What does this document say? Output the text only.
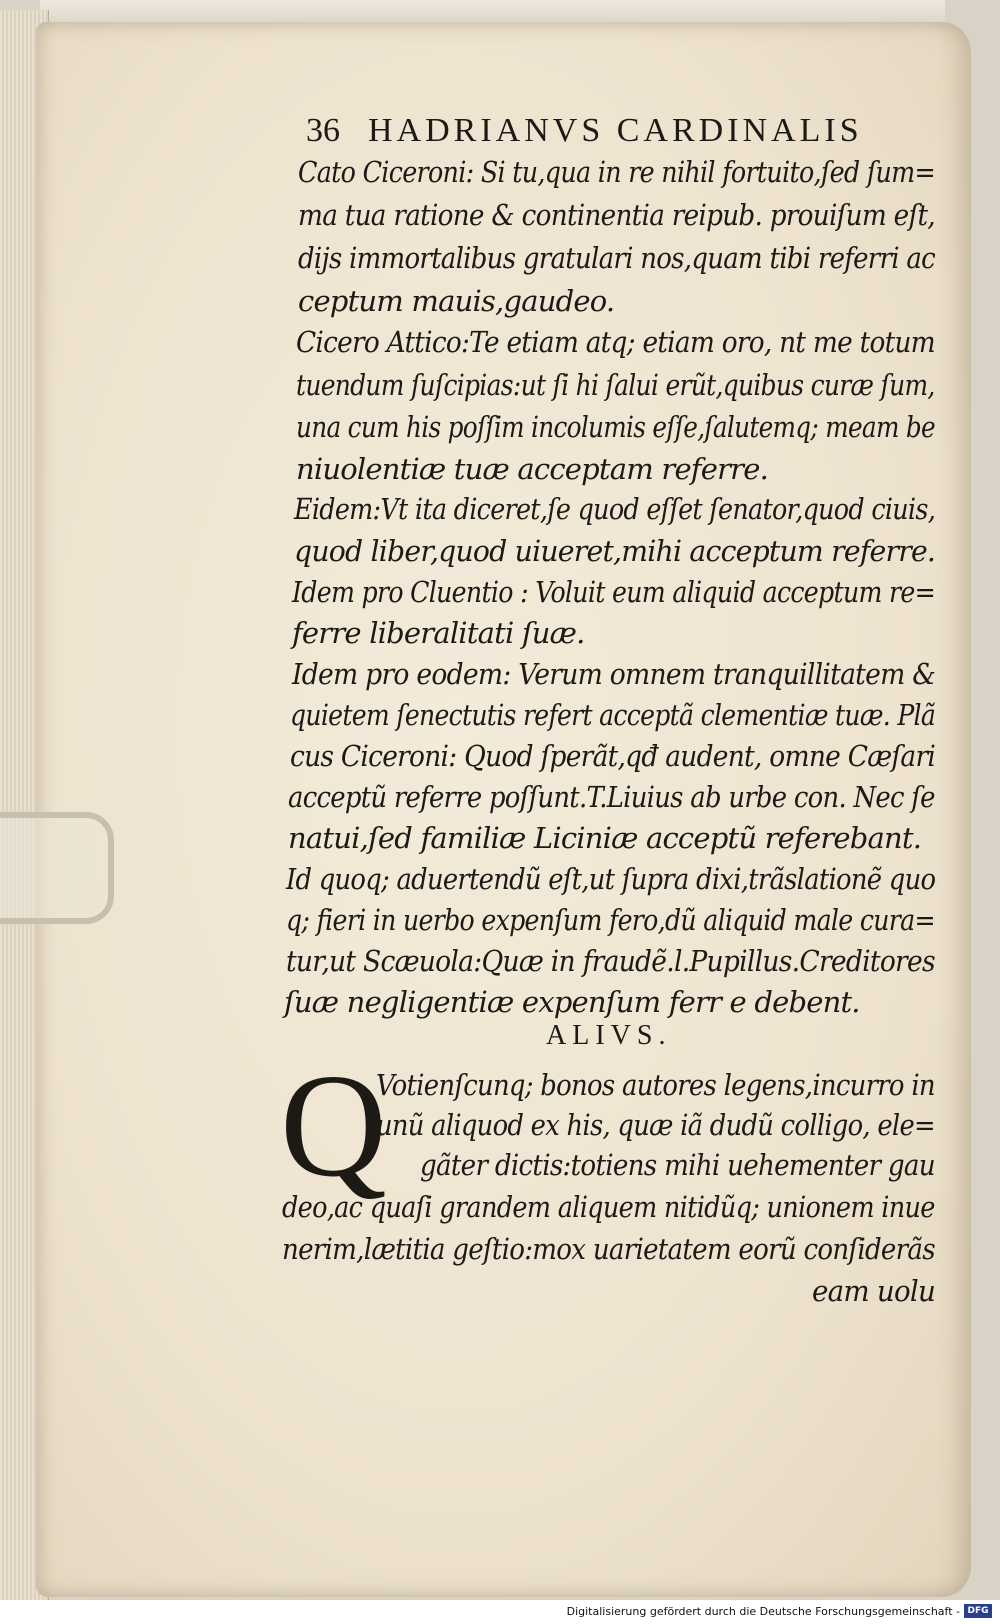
36 HADRIANVS CARDINALIS
Cato Ciceroni: Si tu,qua in re nihil fortuito,ſed ſum=
ma tua ratione & continentia reipub. prouiſum eſt,
dijs immortalibus gratulari nos,quam tibi referri ac
ceptum mauis,gaudeo.
Cicero Attico:Te etiam atq; etiam oro, nt me totum
tuendum ſuſcipias:ut ſi hi ſalui erũt,quibus curæ ſum,
una cum his poſſim incolumis eſſe,ſalutemq; meam be
niuolentiæ tuæ acceptam referre.
Eidem:Vt ita diceret,ſe quod eſſet ſenator,quod ciuis,
quod liber,quod uiueret,mihi acceptum referre.
Idem pro Cluentio : Voluit eum aliquid acceptum re=
ferre liberalitati ſuæ.
Idem pro eodem: Verum omnem tranquillitatem &
quietem ſenectutis refert acceptã clementiæ tuæ. Plã
cus Ciceroni: Quod ſperãt,qđ audent, omne Cæſari
acceptũ referre poſſunt.T.Liuius ab urbe con. Nec ſe
natui,ſed familiæ Liciniæ acceptũ referebant.
Id quoq; aduertendũ eſt,ut ſupra dixi,trãslationẽ quo
q; fieri in uerbo expenſum fero,dũ aliquid male cura=
tur,ut Scæuola:Quæ in fraudẽ.l.Pupillus.Creditores
ſuæ negligentiæ expenſum ferr e debent.
ALIVS.
Q
Votienſcunq; bonos autores legens,incurro in
unũ aliquod ex his, quæ iã dudũ colligo, ele=
gãter dictis:totiens mihi uehementer gau
deo,ac quaſi grandem aliquem nitidũq; unionem inue
nerim,lætitia geſtio:mox uarietatem eorũ conſiderãs
eam uolu
Digitalisierung gefördert durch die Deutsche Forschungsgemeinschaft - DFG
